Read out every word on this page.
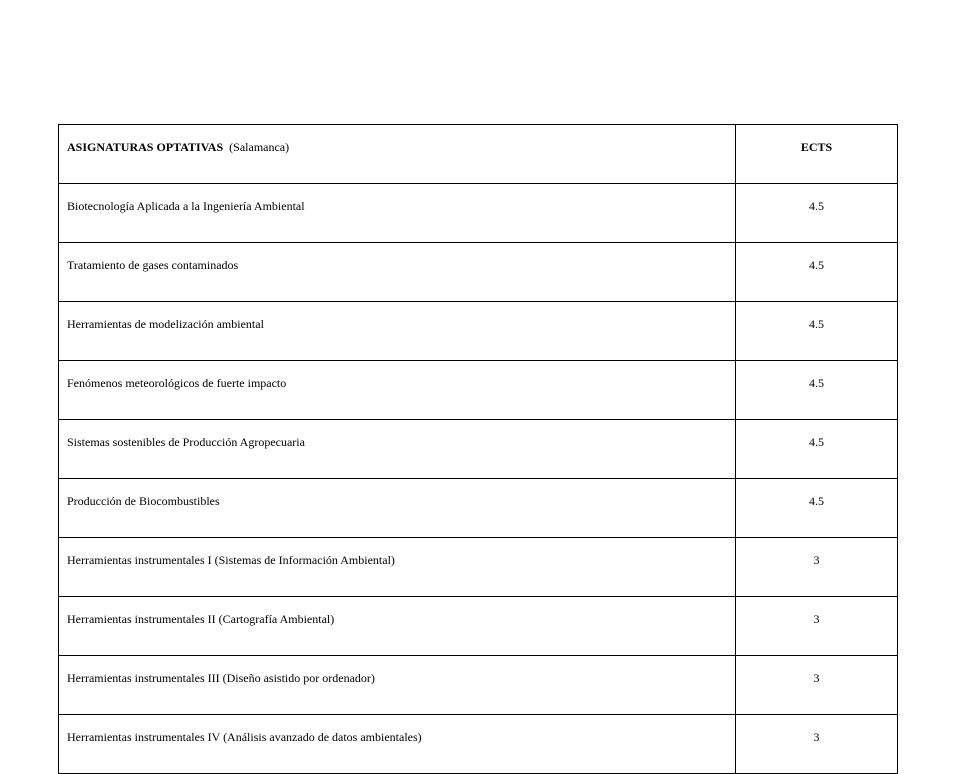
ASIGNATURAS OPTATIVAS (Salamanca)	ECTS
Biotecnología Aplicada a la Ingeniería Ambiental	4.5
Tratamiento de gases contaminados	4.5
Herramientas de modelización ambiental	4.5
Fenómenos meteorológicos de fuerte impacto	4.5
Sistemas sostenibles de Producción Agropecuaria	4.5
Producción de Biocombustibles	4.5
Herramientas instrumentales I (Sistemas de Información Ambiental)	3
Herramientas instrumentales II (Cartografía Ambiental)	3
Herramientas instrumentales III (Diseño asistido por ordenador)	3
Herramientas instrumentales IV (Análisis avanzado de datos ambientales)	3
